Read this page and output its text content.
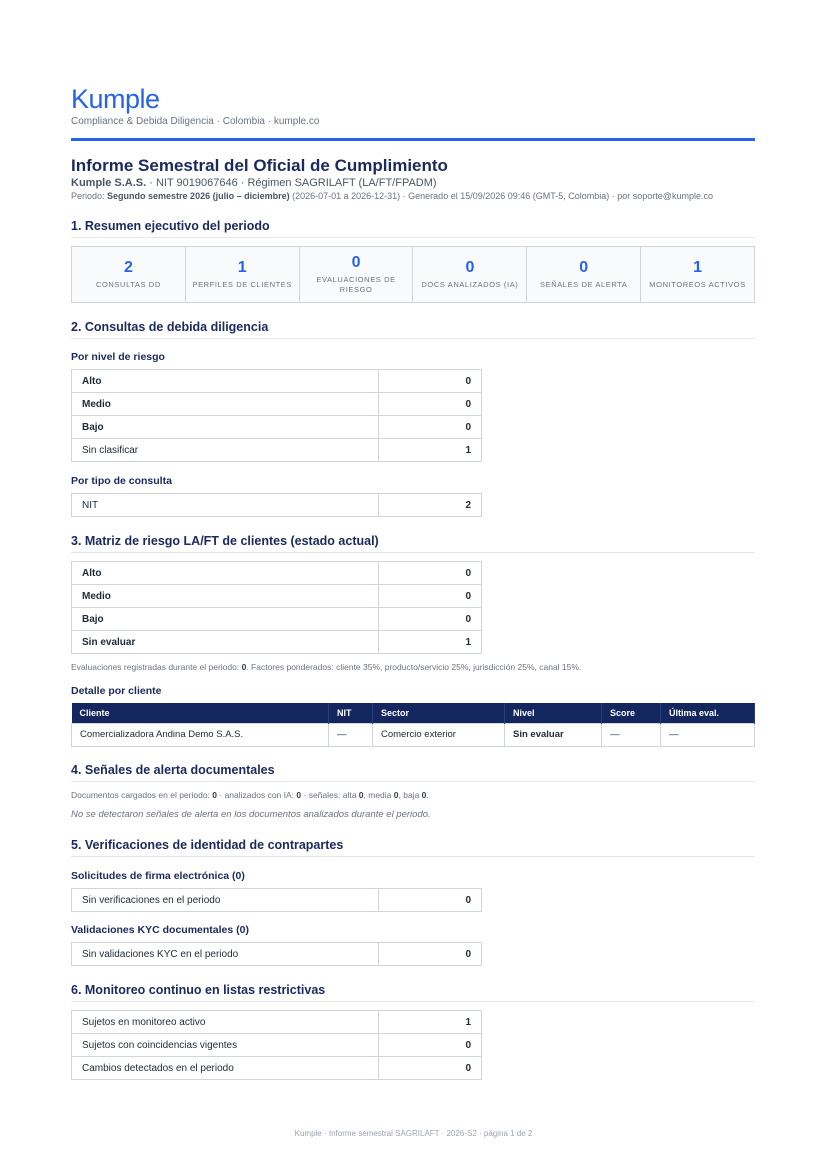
Kumple
Compliance & Debida Diligencia · Colombia · kumple.co
Informe Semestral del Oficial de Cumplimiento
Kumple S.A.S. · NIT 9019067646 · Régimen SAGRILAFT (LA/FT/FPADM)
Periodo: Segundo semestre 2026 (julio – diciembre) (2026-07-01 a 2026-12-31) · Generado el 15/09/2026 09:46 (GMT-5, Colombia) · por soporte@kumple.co
1. Resumen ejecutivo del periodo
2
CONSULTAS DD
1
PERFILES DE CLIENTES
0
EVALUACIONES DE RIESGO
0
DOCS ANALIZADOS (IA)
0
SEÑALES DE ALERTA
1
MONITOREOS ACTIVOS
2. Consultas de debida diligencia
Por nivel de riesgo
Alto	0
Medio	0
Bajo	0
Sin clasificar	1
Por tipo de consulta
NIT	2
3. Matriz de riesgo LA/FT de clientes (estado actual)
Alto	0
Medio	0
Bajo	0
Sin evaluar	1
Evaluaciones registradas durante el periodo: 0. Factores ponderados: cliente 35%, producto/servicio 25%, jurisdicción 25%, canal 15%.
Detalle por cliente
Cliente	NIT	Sector	Nivel	Score	Última eval.
Comercializadora Andina Demo S.A.S.	—	Comercio exterior	Sin evaluar	—	—
4. Señales de alerta documentales
Documentos cargados en el periodo: 0 · analizados con IA: 0 · señales: alta 0, media 0, baja 0.
No se detectaron señales de alerta en los documentos analizados durante el periodo.
5. Verificaciones de identidad de contrapartes
Solicitudes de firma electrónica (0)
Sin verificaciones en el periodo	0
Validaciones KYC documentales (0)
Sin validaciones KYC en el periodo	0
6. Monitoreo continuo en listas restrictivas
Sujetos en monitoreo activo	1
Sujetos con coincidencias vigentes	0
Cambios detectados en el periodo	0
Kumple · Informe semestral SAGRILAFT · 2026-S2 · página 1 de 2
